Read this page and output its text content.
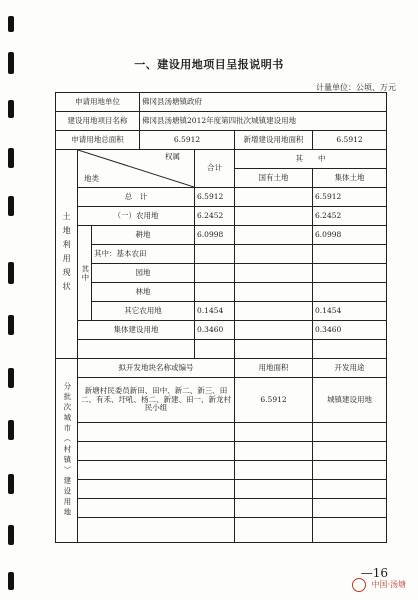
一、建设用地项目呈报说明书
计量单位：公顷、万元
申请用地单位			佛冈县汤塘镇政府			
建设用地项目名称			佛冈县汤塘镇2012年度第四批次城镇建设用地			
申请用地总面积			6.5912		新增建设用地面积	6.5912
土地利用现状	权属
地类			合计	其　　中	
					国有土地	集体土地
	总　计			6.5912		6.5912
	（一）农用地			6.2452		6.2452
	其中	耕地		6.0998		6.0998
		其中：基本农田				
		园地				
		林地				
		其它农用地		0.1454		0.1454
	集体建设用地			0.3460		0.3460

分批次城市（村镇）建设用地	拟开发地块名称或编号				用地面积	开发用途
	新塘村民委员新田、田中、新二、新三、田二、有禾、圩吼、杨二、新建、田一、新龙村民小组				6.5912	城镇建设用地

—16
中国·汤塘
